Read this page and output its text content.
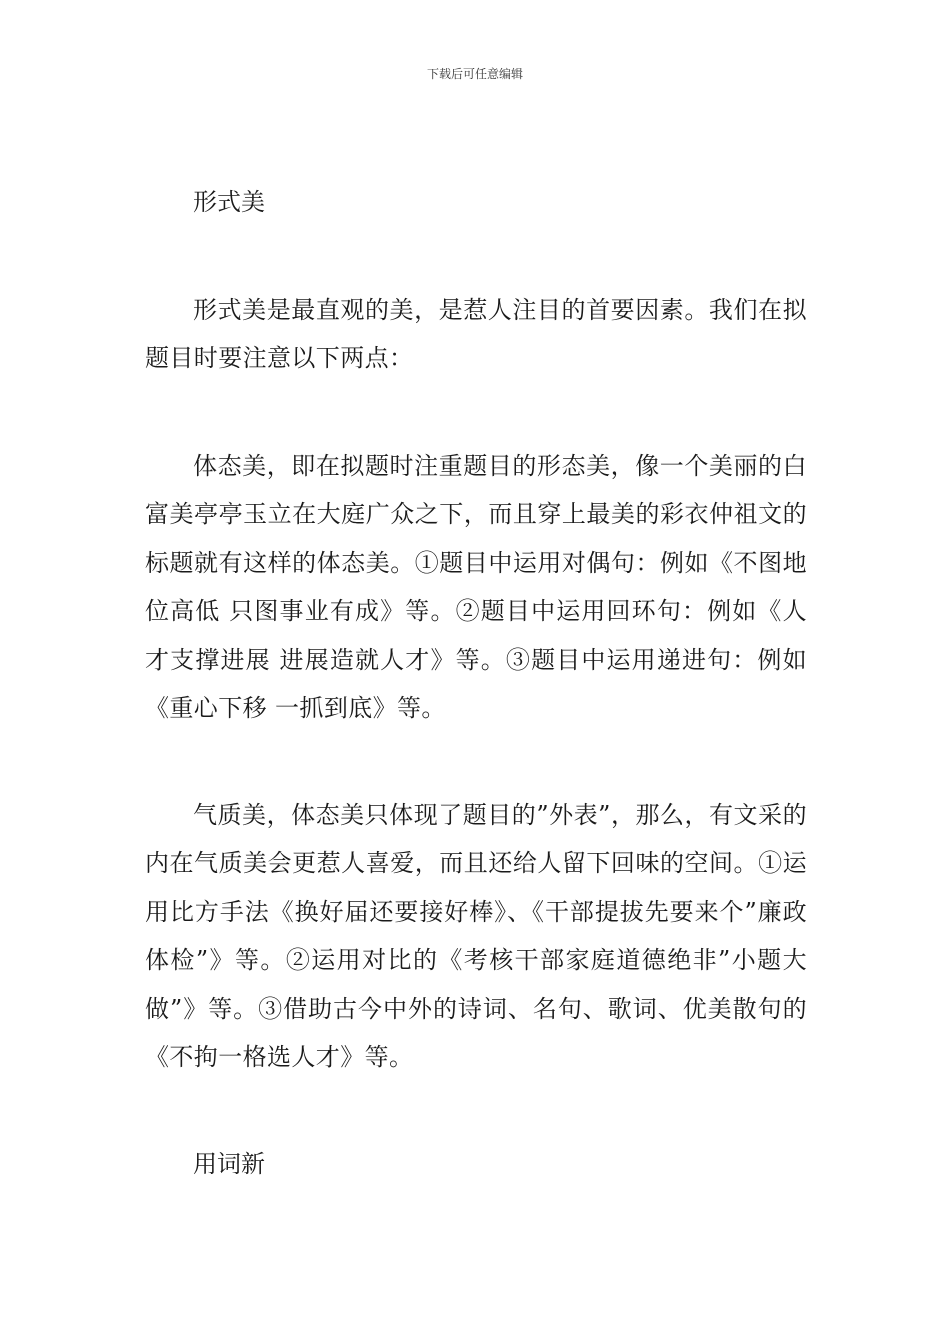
下载后可任意编辑

形式美

形式美是最直观的美，是惹人注目的首要因素。我们在拟题目时要注意以下两点：

体态美，即在拟题时注重题目的形态美，像一个美丽的白富美亭亭玉立在大庭广众之下，而且穿上最美的彩衣仲祖文的标题就有这样的体态美。①题目中运用对偶句：例如《不图地位高低 只图事业有成》等。②题目中运用回环句：例如《人才支撑进展 进展造就人才》等。③题目中运用递进句：例如《重心下移 一抓到底》等。

气质美，体态美只体现了题目的”外表”，那么，有文采的内在气质美会更惹人喜爱，而且还给人留下回味的空间。①运用比方手法《换好届还要接好棒》、《干部提拔先要来个”廉政体检”》等。②运用对比的《考核干部家庭道德绝非”小题大做”》等。③借助古今中外的诗词、名句、歌词、优美散句的《不拘一格选人才》等。

用词新
